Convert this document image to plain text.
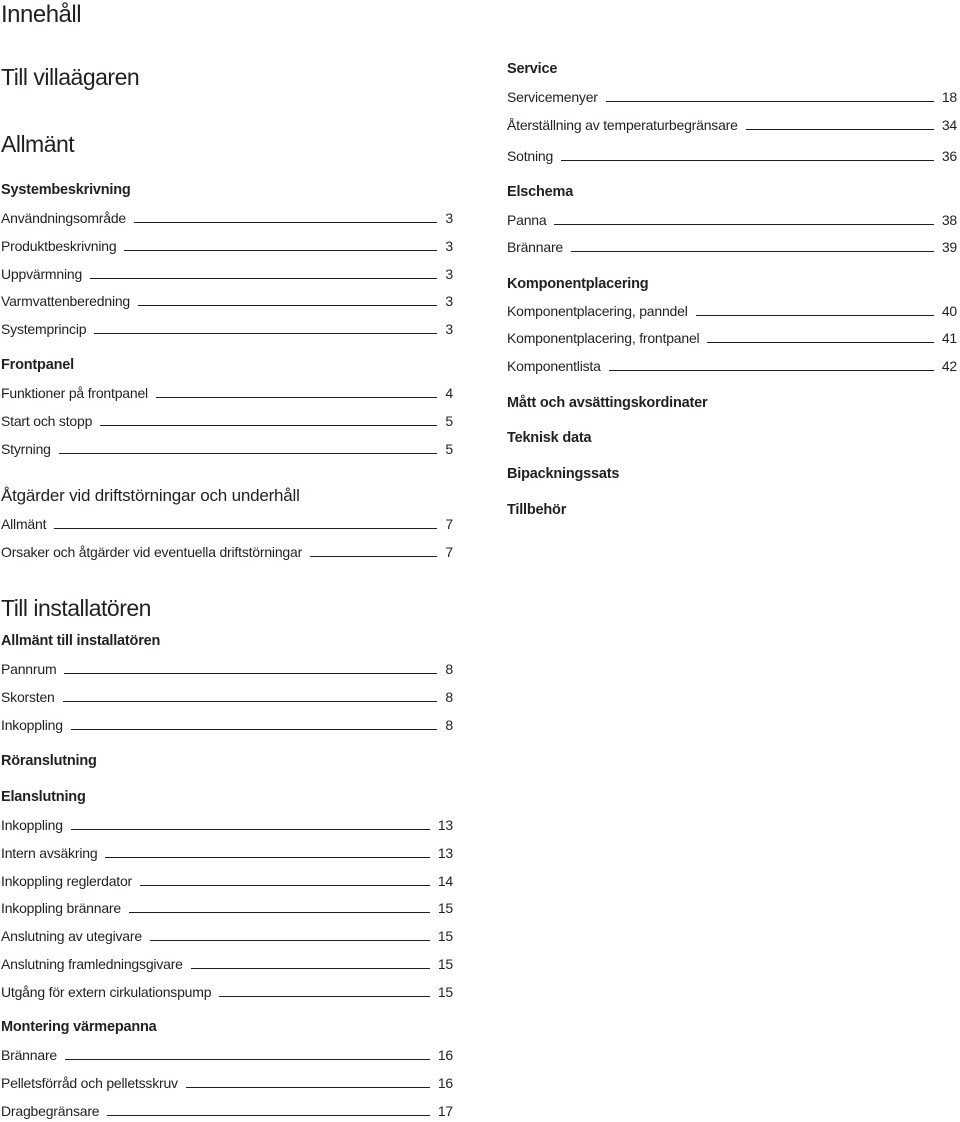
Innehåll
Till villaägaren
Allmänt
Systembeskrivning
Användningsområde	3
Produktbeskrivning	3
Uppvärmning	3
Varmvattenberedning	3
Systemprincip	3
Frontpanel
Funktioner på frontpanel	4
Start och stopp	5
Styrning	5
Åtgärder vid driftstörningar och underhåll
Allmänt	7
Orsaker och åtgärder vid eventuella driftstörningar	7
Service
Servicemenyer	18
Återställning av temperaturbegränsare	34
Sotning	36
Elschema
Panna	38
Brännare	39
Komponentplacering
Komponentplacering, panndel	40
Komponentplacering, frontpanel	41
Komponentlista	42
Mått och avsättingskordinater
Teknisk data
Bipackningssats
Tillbehör
Till installatören
Allmänt till installatören
Pannrum	8
Skorsten	8
Inkoppling	8
Röranslutning
Elanslutning
Inkoppling	13
Intern avsäkring	13
Inkoppling reglerdator	14
Inkoppling brännare	15
Anslutning av utegivare	15
Anslutning framledningsgivare	15
Utgång för extern cirkulationspump	15
Montering värmepanna
Brännare	16
Pelletsförråd och pelletsskruv	16
Dragbegränsare	17
